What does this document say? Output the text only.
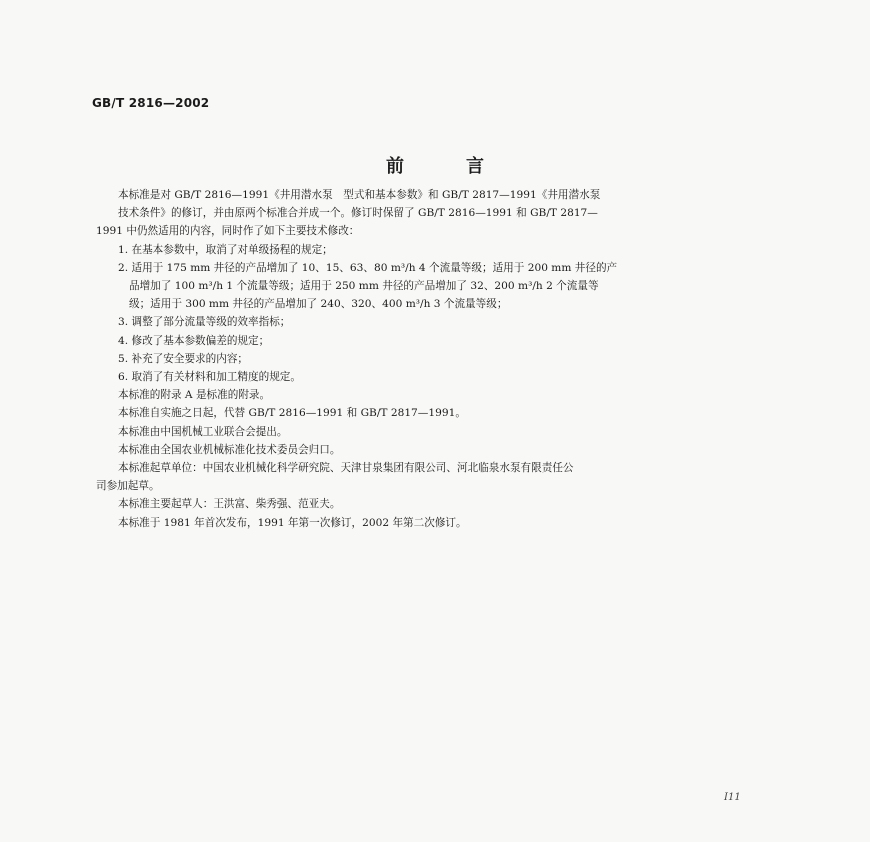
GB/T 2816—2002
前言

本标准是对 GB/T 2816—1991《井用潜水泵　型式和基本参数》和 GB/T 2817—1991《井用潜水泵

技术条件》的修订，并由原两个标准合并成一个。修订时保留了 GB/T 2816—1991 和 GB/T 2817—

1991 中仍然适用的内容，同时作了如下主要技术修改：

1. 在基本参数中，取消了对单级扬程的规定；

2. 适用于 175 mm 井径的产品增加了 10、15、63、80 m³/h 4 个流量等级；适用于 200 mm 井径的产

品增加了 100 m³/h 1 个流量等级；适用于 250 mm 井径的产品增加了 32、200 m³/h 2 个流量等

级；适用于 300 mm 井径的产品增加了 240、320、400 m³/h 3 个流量等级；

3. 调整了部分流量等级的效率指标；

4. 修改了基本参数偏差的规定；

5. 补充了安全要求的内容；

6. 取消了有关材料和加工精度的规定。

本标准的附录 A 是标准的附录。

本标准自实施之日起，代替 GB/T 2816—1991 和 GB/T 2817—1991。

本标准由中国机械工业联合会提出。

本标准由全国农业机械标准化技术委员会归口。

本标准起草单位：中国农业机械化科学研究院、天津甘泉集团有限公司、河北临泉水泵有限责任公

司参加起草。

本标准主要起草人：王洪富、柴秀强、范亚夫。

本标准于 1981 年首次发布，1991 年第一次修订，2002 年第二次修订。

I11
